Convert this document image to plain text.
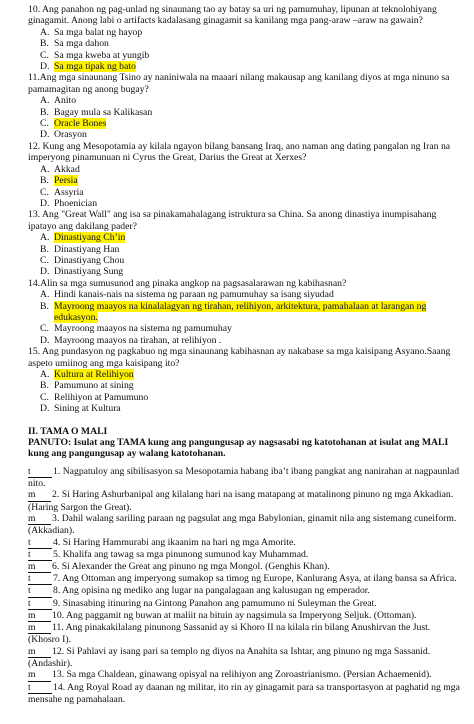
10. Ang panahon ng pag-unlad ng sinaunang tao ay batay sa uri ng pamumuhay, lipunan at teknolohiyang ginagamit. Anong labi o artifacts kadalasang ginagamit sa kanilang mga pang-araw –araw na gawain?

A. Sa mga balat ng hayop
B. Sa mga dahon
C. Sa mga kweba at yungib
D. Sa mga tipak ng bato

11.Ang mga sinaunang Tsino ay naniniwala na maaari nilang makausap ang kanilang diyos at mga ninuno sa pamamagitan ng anong bugay?

A. Anito
B. Bagay mula sa Kalikasan
C. Oracle Bones
D. Orasyon

12. Kung ang Mesopotamia ay kilala ngayon bilang bansang Iraq, ano naman ang dating pangalan ng Iran na imperyong pinamunuan ni Cyrus the Great, Darius the Great at Xerxes?

A. Akkad
B. Persia
C. Assyria
D. Phoenician

13. Ang "Great Wall" ang isa sa pinakamahalagang istruktura sa China. Sa anong dinastiya inumpisahang ipatayo ang dakilang pader?

A. Dinastiyang Ch’in
B. Dinastiyang Han
C. Dinastiyang Chou
D. Dinastiyang Sung

14.Alin sa mga sumusunod ang pinaka angkop na pagsasalarawan ng kabihasnan?

A. Hindi kanais-nais na sistema ng paraan ng pamumuhay sa isang siyudad
B. Mayroong maayos na kinalalagyan ng tirahan, relihiyon, arkitektura, pamahalaan at larangan ng edukasyon.
C. Mayroong maayos na sistema ng pamumuhay
D. Mayroong maayos na tirahan, at relihiyon .

15. Ang pundasyon ng pagkabuo ng mga sinaunang kabihasnan ay nakabase sa mga kaisipang Asyano.Saang aspeto umiinog ang mga kaisipang ito?

A. Kultura at Relihiyon
B. Pamumuno at sining
C. Relihiyon at Pamumuno
D. Sining at Kultura

II. TAMA O MALI

PANUTO: Isulat ang TAMA kung ang pangungusap ay nagsasabi ng katotohanan at isulat ang MALI kung ang pangungusap ay walang katotohanan.

t 1. Nagpatuloy ang sibilisasyon sa Mesopotamia habang iba’t ibang pangkat ang nanirahan at nagpaunlad nito.

m 2. Si Haring Ashurbanipal ang kilalang hari na isang matapang at matalinong pinuno ng mga Akkadian. (Haring Sargon the Great).

m 3. Dahil walang sariling paraan ng pagsulat ang mga Babylonian, ginamit nila ang sistemang cuneiform. (Akkadian).

t 4. Si Haring Hammurabi ang ikaanim na hari ng mga Amorite.

t 5. Khalifa ang tawag sa mga pinunong sumunod kay Muhammad.

m 6. Si Alexander the Great ang pinuno ng mga Mongol. (Genghis Khan).

t 7. Ang Ottoman ang imperyong sumakop sa timog ng Europe, Kanlurang Asya, at ilang bansa sa Africa.

t 8. Ang opisina ng mediko ang lugar na pangalagaan ang kalusugan ng emperador.

t 9. Sinasabing itinuring na Gintong Panahon ang pamumuno ni Suleyman the Great.

m 10. Ang paggamit ng buwan at maliit na bituin ay nagsimula sa Imperyong Seljuk. (Ottoman).

m 11. Ang pinakakilalang pinunong Sassanid ay si Khoro II na kilala rin bilang Anushirvan the Just. (Khosro I).

m 12. Si Pahlavi ay isang pari sa templo ng diyos na Anahita sa Ishtar, ang pinuno ng mga Sassanid. (Andashir).

m 13. Sa mga Chaldean, ginawang opisyal na relihiyon ang Zoroastrianismo. (Persian Achaemenid).

t 14. Ang Royal Road ay daanan ng militar, ito rin ay ginagamit para sa transportasyon at paghatid ng mga mensahe ng pamahalaan.
